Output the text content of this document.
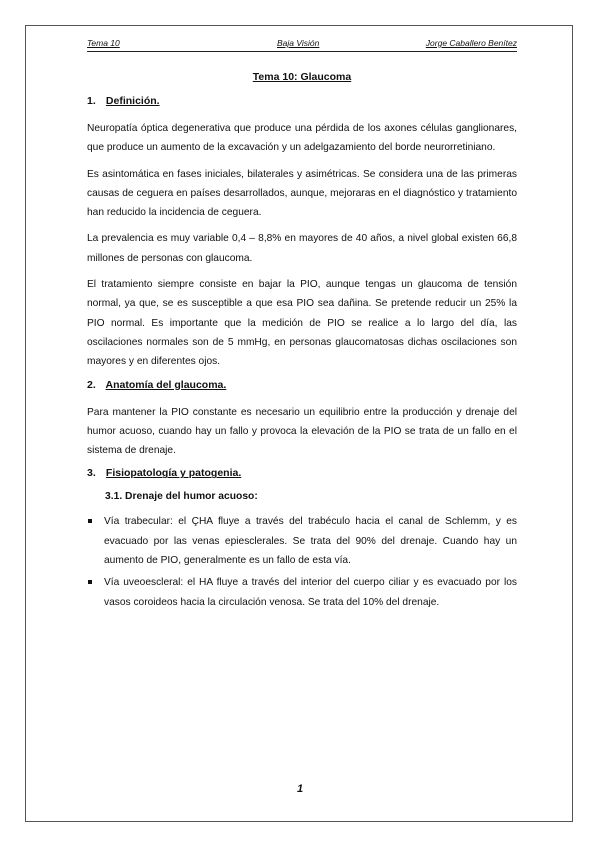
Tema 10	Baja Visión	Jorge Caballero Benítez
Tema 10: Glaucoma
1. Definición.

Neuropatía óptica degenerativa que produce una pérdida de los axones células ganglionares, que produce un aumento de la excavación y un adelgazamiento del borde neurorretiniano.

Es asintomática en fases iniciales, bilaterales y asimétricas. Se considera una de las primeras causas de ceguera en países desarrollados, aunque, mejoraras en el diagnóstico y tratamiento han reducido la incidencia de ceguera.

La prevalencia es muy variable 0,4 – 8,8% en mayores de 40 años, a nivel global existen 66,8 millones de personas con glaucoma.

El tratamiento siempre consiste en bajar la PIO, aunque tengas un glaucoma de tensión normal, ya que, se es susceptible a que esa PIO sea dañina. Se pretende reducir un 25% la PIO normal. Es importante que la medición de PIO se realice a lo largo del día, las oscilaciones normales son de 5 mmHg, en personas glaucomatosas dichas oscilaciones son mayores y en diferentes ojos.

2. Anatomía del glaucoma.

Para mantener la PIO constante es necesario un equilibrio entre la producción y drenaje del humor acuoso, cuando hay un fallo y provoca la elevación de la PIO se trata de un fallo en el sistema de drenaje.

3. Fisiopatología y patogenia.
3.1. Drenaje del humor acuoso:
Vía trabecular: el ÇHA fluye a través del trabéculo hacia el canal de Schlemm, y es evacuado por las venas epiesclerales. Se trata del 90% del drenaje. Cuando hay un aumento de PIO, generalmente es un fallo de esta vía.
Vía uveoescleral: el HA fluye a través del interior del cuerpo ciliar y es evacuado por los vasos coroideos hacia la circulación venosa. Se trata del 10% del drenaje.
1
